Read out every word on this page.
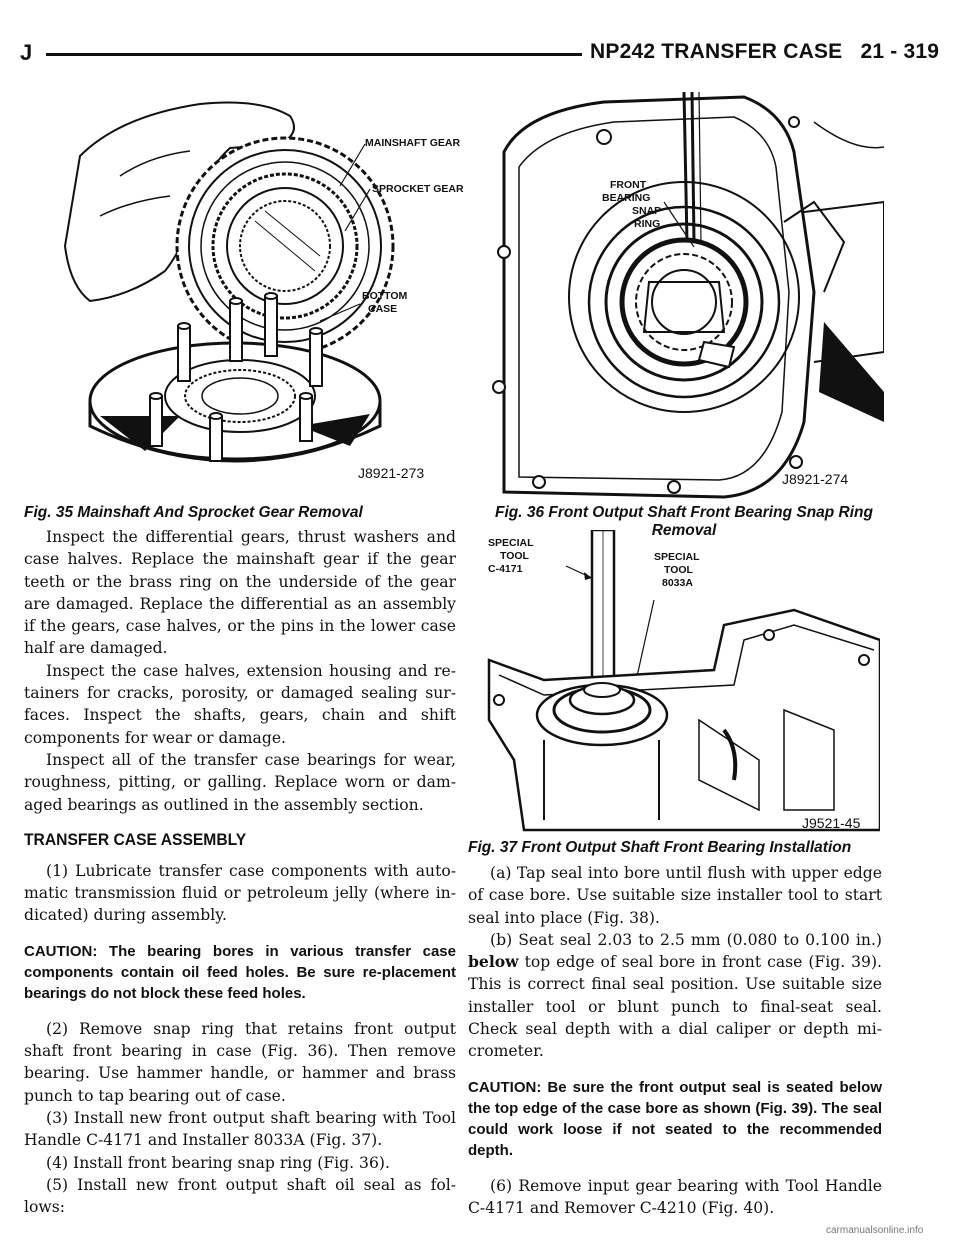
J	NP242 TRANSFER CASE 21 - 319
MAINSHAFT GEAR
SPROCKET GEAR
BOTTOM
CASE
J8921-273
Fig. 35 Mainshaft And Sprocket Gear Removal
FRONT
BEARING
SNAP
RING
J8921-274
Fig. 36 Front Output Shaft Front Bearing Snap Ring
Removal
SPECIAL
TOOL
C-4171
SPECIAL
TOOL
8033A
J9521-45
Fig. 37 Front Output Shaft Front Bearing Installation

Inspect the differential gears, thrust washers and case halves. Replace the mainshaft gear if the gear teeth or the brass ring on the underside of the gear are damaged. Replace the differential as an assembly if the gears, case halves, or the pins in the lower case half are damaged.

Inspect the case halves, extension housing and re-tainers for cracks, porosity, or damaged sealing sur-faces. Inspect the shafts, gears, chain and shift components for wear or damage.

Inspect all of the transfer case bearings for wear, roughness, pitting, or galling. Replace worn or dam-aged bearings as outlined in the assembly section.

TRANSFER CASE ASSEMBLY

(1) Lubricate transfer case components with auto-matic transmission fluid or petroleum jelly (where in-dicated) during assembly.

CAUTION: The bearing bores in various transfer case components contain oil feed holes. Be sure re-placement bearings do not block these feed holes.

(2) Remove snap ring that retains front output shaft front bearing in case (Fig. 36). Then remove bearing. Use hammer handle, or hammer and brass punch to tap bearing out of case.

(3) Install new front output shaft bearing with Tool Handle C-4171 and Installer 8033A (Fig. 37).

(4) Install front bearing snap ring (Fig. 36).

(5) Install new front output shaft oil seal as fol-lows:

(a) Tap seal into bore until flush with upper edge of case bore. Use suitable size installer tool to start seal into place (Fig. 38).

(b) Seat seal 2.03 to 2.5 mm (0.080 to 0.100 in.) below top edge of seal bore in front case (Fig. 39). This is correct final seal position. Use suitable size installer tool or blunt punch to final-seat seal. Check seal depth with a dial caliper or depth mi-crometer.

CAUTION: Be sure the front output seal is seated below the top edge of the case bore as shown (Fig. 39). The seal could work loose if not seated to the recommended depth.

(6) Remove input gear bearing with Tool Handle C-4171 and Remover C-4210 (Fig. 40).

carmanualsonline.info
